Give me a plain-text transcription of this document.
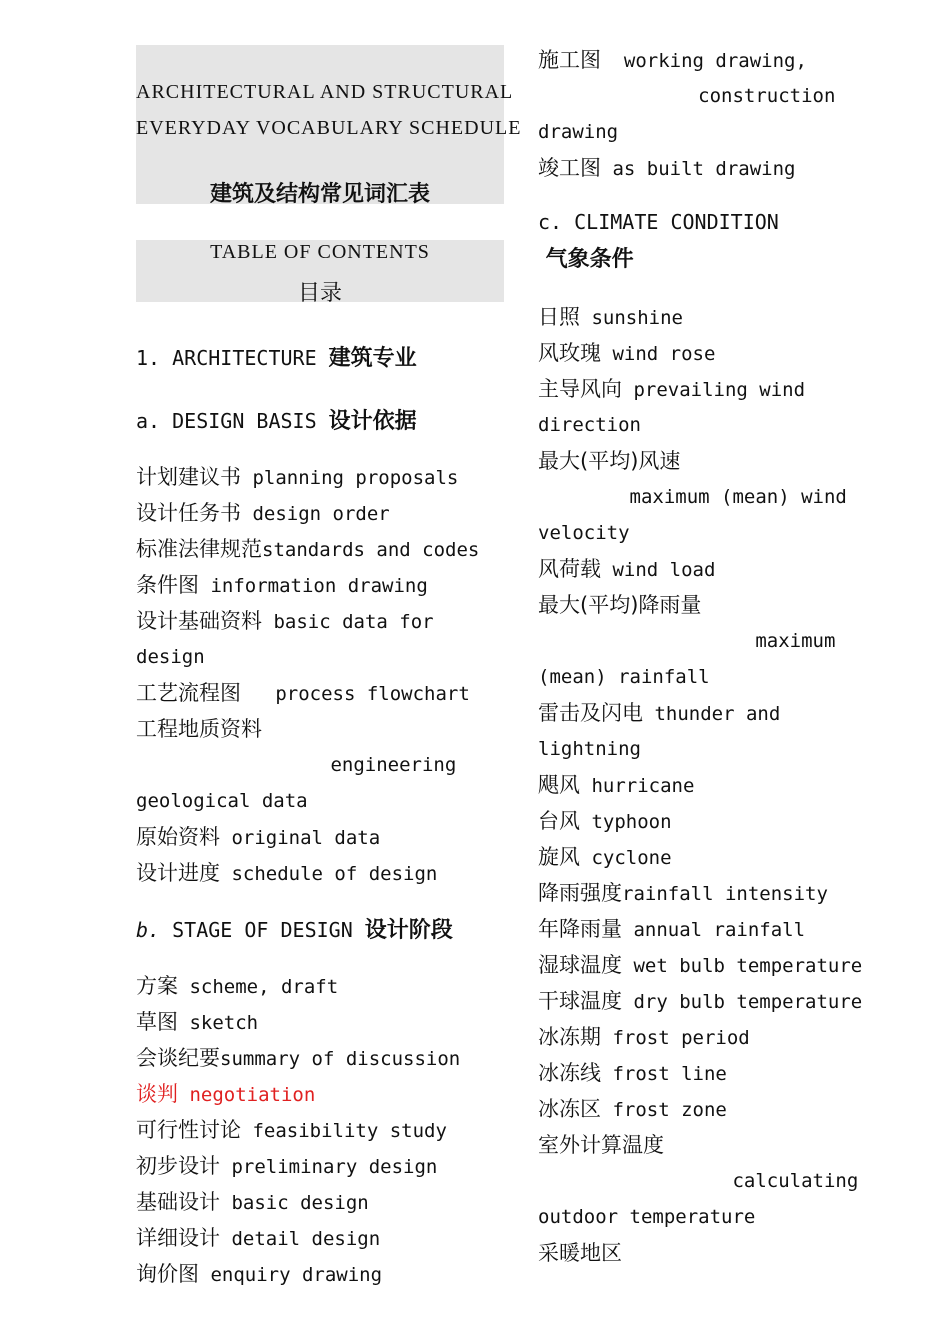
ARCHITECTURAL AND STRUCTURAL
EVERYDAY VOCABULARY SCHEDULE
建筑及结构常见词汇表
TABLE OF CONTENTS
目录
1. ARCHITECTURE 建筑专业
a. DESIGN BASIS 设计依据
计划建议书 planning proposals
设计任务书 design order
标准法律规范standards and codes
条件图 information drawing
设计基础资料 basic data for
design
工艺流程图   process flowchart
工程地质资料
engineering
geological data
原始资料 original data
设计进度 schedule of design
b. STAGE OF DESIGN 设计阶段
方案 scheme, draft
草图 sketch
会谈纪要summary of discussion
谈判 negotiation
可行性讨论 feasibility study
初步设计 preliminary design
基础设计 basic design
详细设计 detail design
询价图 enquiry drawing
施工图  working drawing,
construction
drawing
竣工图 as built drawing
c. CLIMATE CONDITION
气象条件
日照 sunshine
风玫瑰 wind rose
主导风向 prevailing wind
direction
最大(平均)风速
maximum (mean) wind
velocity
风荷载 wind load
最大(平均)降雨量
maximum
(mean) rainfall
雷击及闪电 thunder and
lightning
飓风 hurricane
台风 typhoon
旋风 cyclone
降雨强度rainfall intensity
年降雨量 annual rainfall
湿球温度 wet bulb temperature
干球温度 dry bulb temperature
冰冻期 frost period
冰冻线 frost line
冰冻区 frost zone
室外计算温度
calculating
outdoor temperature
采暖地区
